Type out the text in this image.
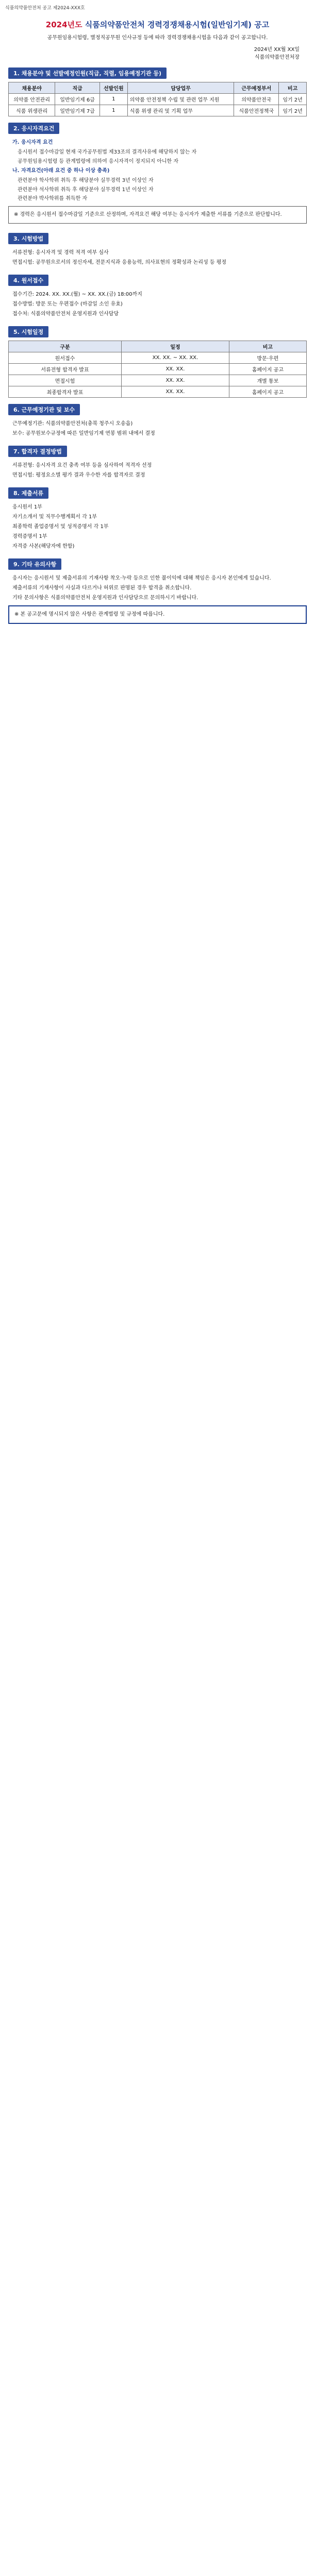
식품의약품안전처 공고 제2024-XXX호
2024년도 식품의약품안전처 경력경쟁채용시험(일반임기제) 공고
공무원임용시험령, 별정직공무원 인사규정 등에 따라 경력경쟁채용시험을 다음과 같이 공고합니다.
2024년 XX월 XX일
식품의약품안전처장
1. 채용분야 및 선발예정인원(직급, 직렬, 임용예정기관 등)
채용분야	직급	선발인원	담당업무	근무예정부서	비고
의약품 안전관리	일반임기제 6급	1	의약품 안전정책 수립 및 관련 업무 지원	의약품안전국	임기 2년
식품 위생관리	일반임기제 7급	1	식품 위생 관리 및 기획 업무	식품안전정책국	임기 2년
2. 응시자격요건
가. 응시자격 요건
응시원서 접수마감일 현재 국가공무원법 제33조의 결격사유에 해당하지 않는 자
공무원임용시험령 등 관계법령에 의하여 응시자격이 정지되지 아니한 자
나. 자격요건(아래 요건 중 하나 이상 충족)
관련분야 학사학위 취득 후 해당분야 실무경력 3년 이상인 자
관련분야 석사학위 취득 후 해당분야 실무경력 1년 이상인 자
관련분야 박사학위를 취득한 자
※ 경력은 응시원서 접수마감일 기준으로 산정하며, 자격요건 해당 여부는 응시자가 제출한 서류를 기준으로 판단합니다.
3. 시험방법
서류전형: 응시자격 및 경력 적격 여부 심사
면접시험: 공무원으로서의 정신자세, 전문지식과 응용능력, 의사표현의 정확성과 논리성 등 평정
4. 원서접수
접수기간: 2024. XX. XX.(월) ~ XX. XX.(금) 18:00까지
접수방법: 방문 또는 우편접수 (마감일 소인 유효)
접수처: 식품의약품안전처 운영지원과 인사담당
5. 시험일정
구분	일정	비고
원서접수	XX. XX. ~ XX. XX.	방문·우편
서류전형 합격자 발표	XX. XX.	홈페이지 공고
면접시험	XX. XX.	개별 통보
최종합격자 발표	XX. XX.	홈페이지 공고
6. 근무예정기관 및 보수
근무예정기관: 식품의약품안전처(충북 청주시 오송읍)
보수: 공무원보수규정에 따른 일반임기제 연봉 범위 내에서 결정
7. 합격자 결정방법
서류전형: 응시자격 요건 충족 여부 등을 심사하여 적격자 선정
면접시험: 평정요소별 평가 결과 우수한 자를 합격자로 결정
8. 제출서류
응시원서 1부
자기소개서 및 직무수행계획서 각 1부
최종학력 졸업증명서 및 성적증명서 각 1부
경력증명서 1부
자격증 사본(해당자에 한함)
9. 기타 유의사항
응시자는 응시원서 및 제출서류의 기재사항 착오·누락 등으로 인한 불이익에 대해 책임은 응시자 본인에게 있습니다.
제출서류의 기재사항이 사실과 다르거나 허위로 판명된 경우 합격을 취소합니다.
기타 문의사항은 식품의약품안전처 운영지원과 인사담당으로 문의하시기 바랍니다.
※ 본 공고문에 명시되지 않은 사항은 관계법령 및 규정에 따릅니다.
